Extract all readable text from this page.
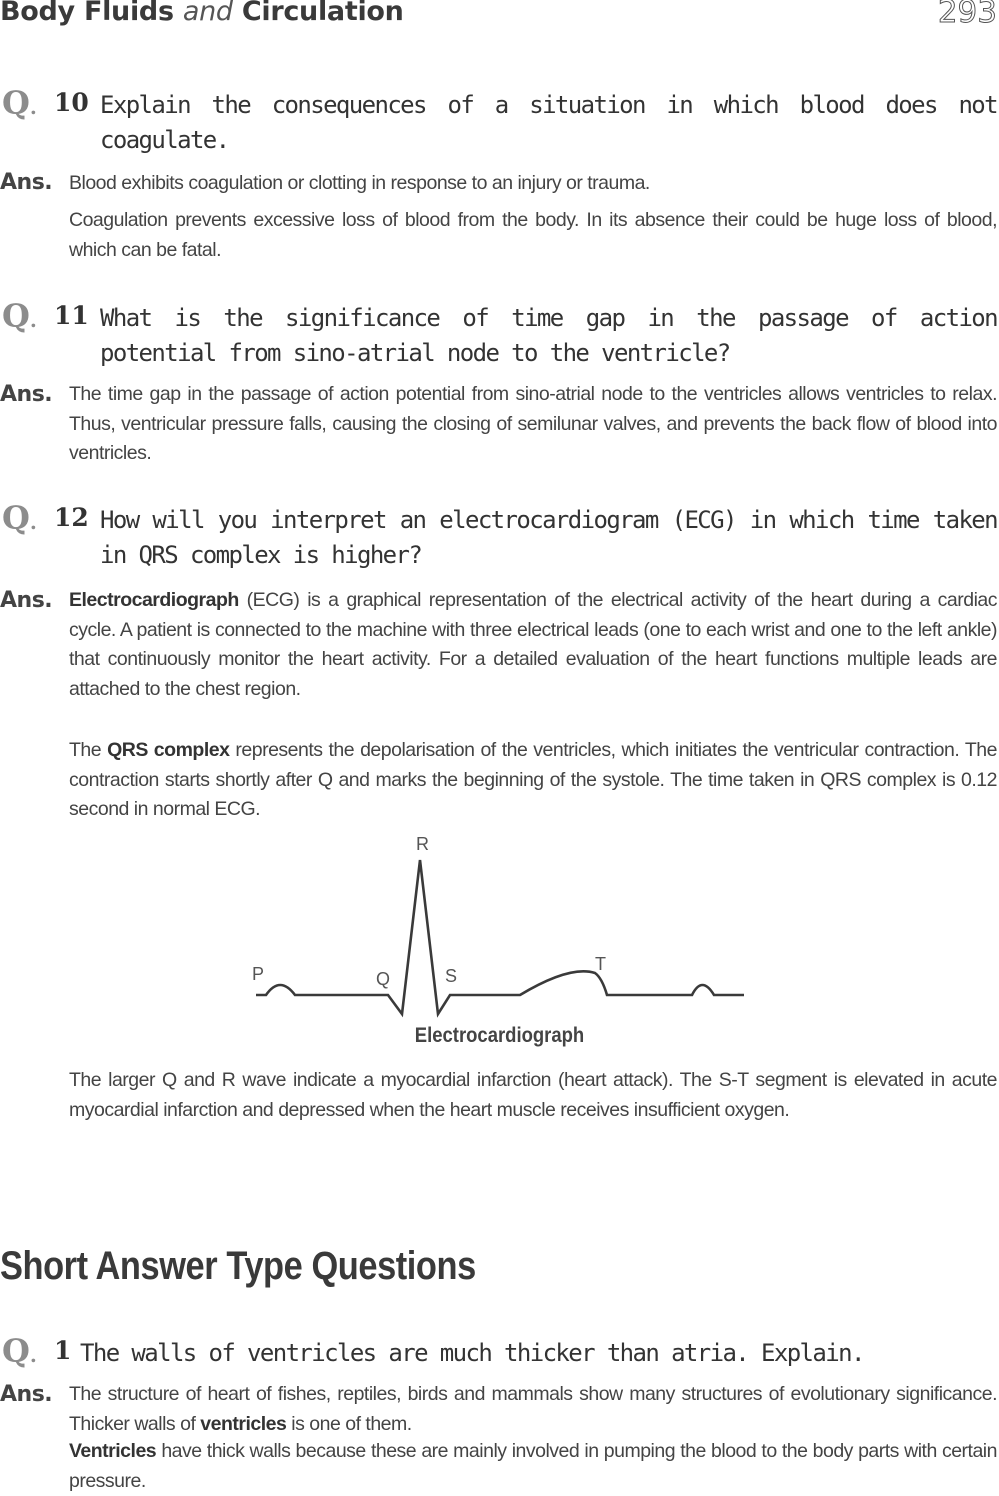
Body Fluids and Circulation	293
Q. 10 Explain the consequences of a situation in which blood does not coagulate.
Ans. Blood exhibits coagulation or clotting in response to an injury or trauma.
Coagulation prevents excessive loss of blood from the body. In its absence their could be huge loss of blood, which can be fatal.
Q. 11 What is the significance of time gap in the passage of action potential from sino-atrial node to the ventricle?
Ans. The time gap in the passage of action potential from sino-atrial node to the ventricles allows ventricles to relax. Thus, ventricular pressure falls, causing the closing of semilunar valves, and prevents the back flow of blood into ventricles.
Q. 12 How will you interpret an electrocardiogram (ECG) in which time taken in QRS complex is higher?
Ans. Electrocardiograph (ECG) is a graphical representation of the electrical activity of the heart during a cardiac cycle. A patient is connected to the machine with three electrical leads (one to each wrist and one to the left ankle) that continuously monitor the heart activity. For a detailed evaluation of the heart functions multiple leads are attached to the chest region.
The QRS complex represents the depolarisation of the ventricles, which initiates the ventricular contraction. The contraction starts shortly after Q and marks the beginning of the systole. The time taken in QRS complex is 0.12 second in normal ECG.
P	Q
R
S
T
Electrocardiograph
The larger Q and R wave indicate a myocardial infarction (heart attack). The S-T segment is elevated in acute myocardial infarction and depressed when the heart muscle receives insufficient oxygen.
Short Answer Type Questions
Q. 1 The walls of ventricles are much thicker than atria. Explain.
Ans. The structure of heart of fishes, reptiles, birds and mammals show many structures of evolutionary significance. Thicker walls of ventricles is one of them.
Ventricles have thick walls because these are mainly involved in pumping the blood to the body parts with certain pressure.
